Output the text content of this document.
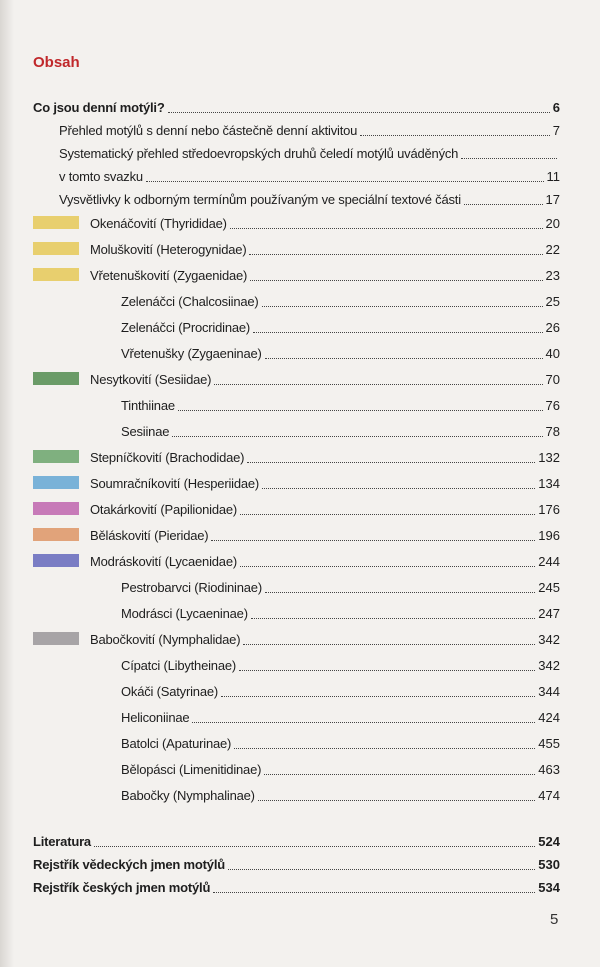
Obsah
Co jsou denní motýli?	6
Přehled motýlů s denní nebo částečně denní aktivitou	7
Systematický přehled středoevropských druhů čeledí motýlů uváděných
v tomto svazku	11
Vysvětlivky k odborným termínům používaným ve speciální textové části	17
Okenáčovití (Thyrididae)	20
Moluškovití (Heterogynidae)	22
Vřetenuškovití (Zygaenidae)	23
Zelenáčci (Chalcosiinae)	25
Zelenáčci (Procridinae)	26
Vřetenušky (Zygaeninae)	40
Nesytkovití (Sesiidae)	70
Tinthiinae	76
Sesiinae	78
Stepníčkovití (Brachodidae)	132
Soumračníkovití (Hesperiidae)	134
Otakárkovití (Papilionidae)	176
Běláskovití (Pieridae)	196
Modráskovití (Lycaenidae)	244
Pestrobarvci (Riodininae)	245
Modrásci (Lycaeninae)	247
Babočkovití (Nymphalidae)	342
Cípatci (Libytheinae)	342
Okáči (Satyrinae)	344
Heliconiinae	424
Batolci (Apaturinae)	455
Bělopásci (Limenitidinae)	463
Babočky (Nymphalinae)	474
Literatura	524
Rejstřík vědeckých jmen motýlů	530
Rejstřík českých jmen motýlů	534
5
